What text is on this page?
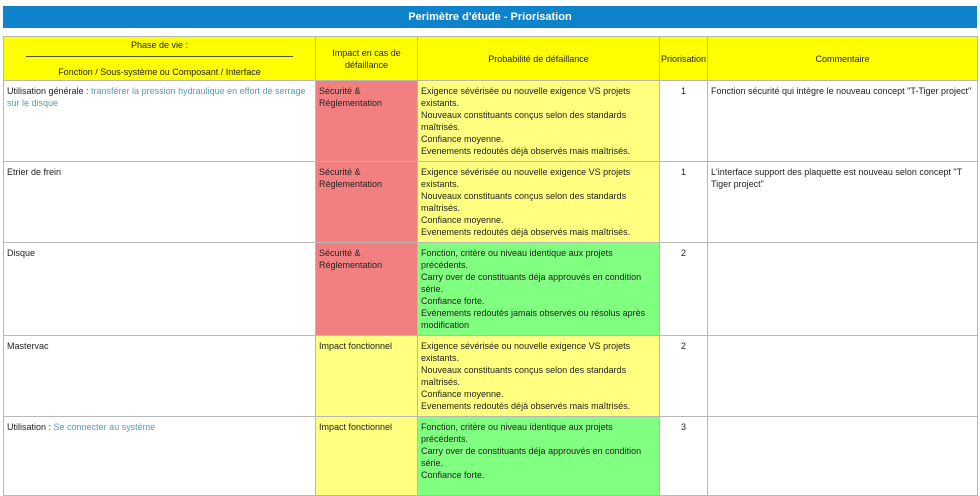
Perimètre d'étude - Priorisation
Phase de vie :
Fonction / Sous-système ou Composant / Interface	Impact en cas de défaillance	Probabilité de défaillance	Priorisation	Commentaire
Utilisation générale : transférer la pression hydraulique en effort de serrage sur le disque	Sécurité & Réglementation	Exigence sévérisée ou nouvelle exigence VS projets existants.
Nouveaux constituants conçus selon des standards maîtrisés.
Confiance moyenne.
Evenements redoutés déjà observés mais maîtrisés.	1	Fonction sécurité qui intègre le nouveau concept "T-Tiger project"
Etrier de frein	Sécurité & Réglementation	Exigence sévérisée ou nouvelle exigence VS projets existants.
Nouveaux constituants conçus selon des standards maîtrisés.
Confiance moyenne.
Evenements redoutés déjà observés mais maîtrisés.	1	L'interface support des plaquette est nouveau selon concept "T Tiger project"
Disque	Sécurité & Réglementation	Fonction, critère ou niveau identique aux projets précédents.
Carry over de constituants déja approuvés en condition série.
Confiance forte.
Evénements redoutés jamais observés ou résolus après modification	2	
Mastervac	Impact fonctionnel	Exigence sévérisée ou nouvelle exigence VS projets existants.
Nouveaux constituants conçus selon des standards maîtrisés.
Confiance moyenne.
Evenements redoutés déjà observés mais maîtrisés.	2	
Utilisation : Se connecter au système	Impact fonctionnel	Fonction, critère ou niveau identique aux projets précédents.
Carry over de constituants déja approuvés en condition série.
Confiance forte.	3	
